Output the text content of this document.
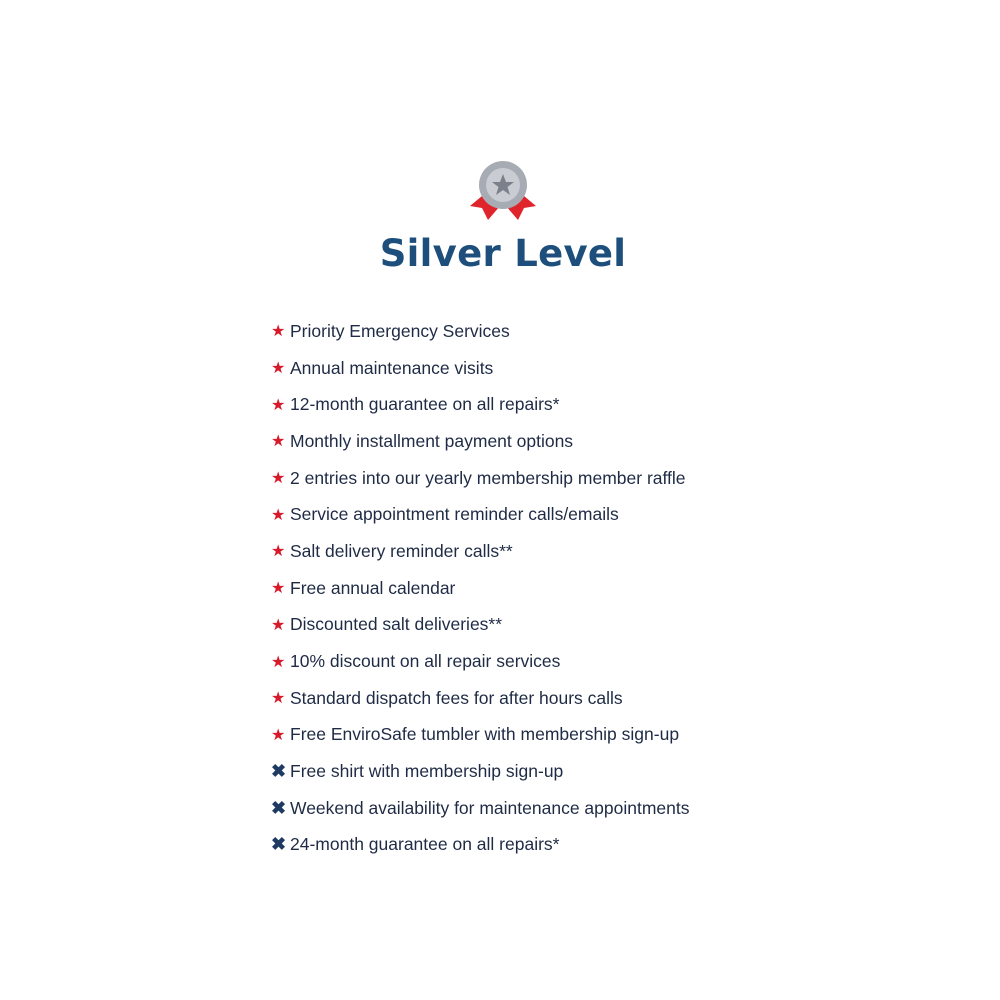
Silver Level
★ Priority Emergency Services
★ Annual maintenance visits
★ 12-month guarantee on all repairs*
★ Monthly installment payment options
★ 2 entries into our yearly membership member raffle
★ Service appointment reminder calls/emails
★ Salt delivery reminder calls**
★ Free annual calendar
★ Discounted salt deliveries**
★ 10% discount on all repair services
★ Standard dispatch fees for after hours calls
★ Free EnviroSafe tumbler with membership sign-up
✖ Free shirt with membership sign-up
✖ Weekend availability for maintenance appointments
✖ 24-month guarantee on all repairs*
